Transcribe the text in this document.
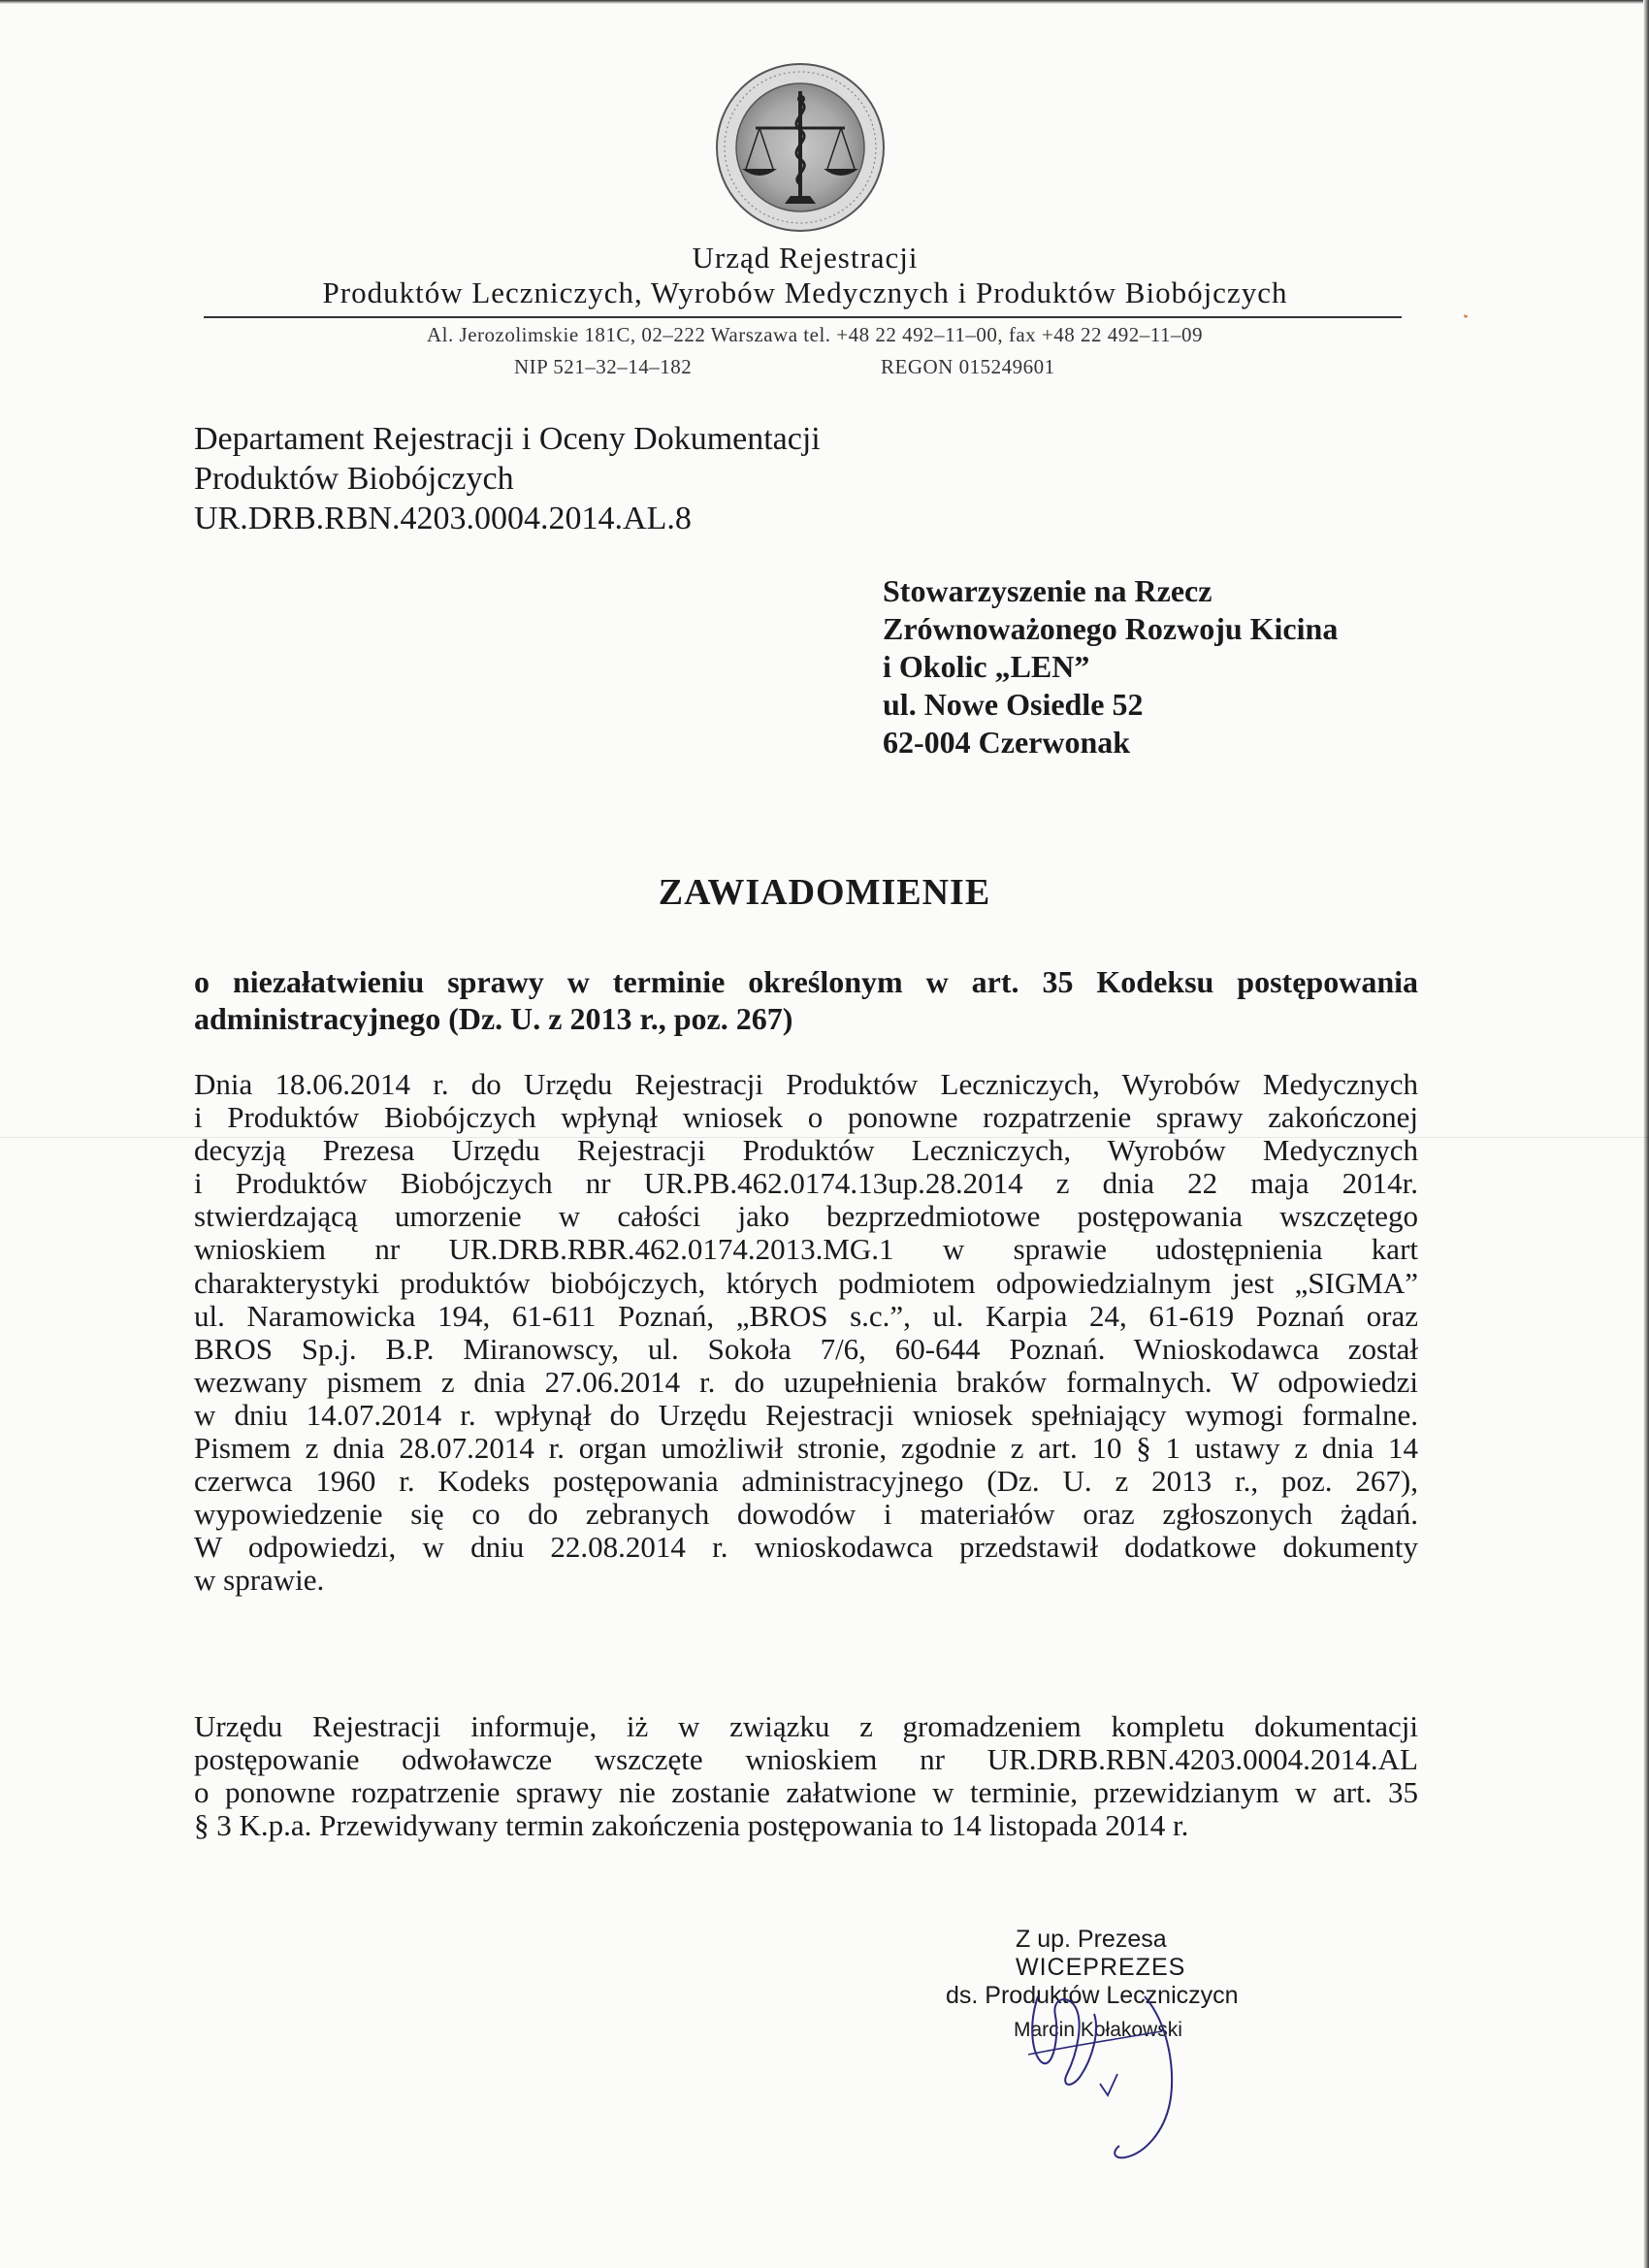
Urząd Rejestracji
Produktów Leczniczych, Wyrobów Medycznych i Produktów Biobójczych
Al. Jerozolimskie 181C, 02–222 Warszawa tel. +48 22 492–11–00, fax +48 22 492–11–09
NIP 521–32–14–182	REGON 015249601
Departament Rejestracji i Oceny Dokumentacji
Produktów Biobójczych
UR.DRB.RBN.4203.0004.2014.AL.8
Stowarzyszenie na Rzecz
Zrównoważonego Rozwoju Kicina
i Okolic „LEN”
ul. Nowe Osiedle 52
62-004 Czerwonak
ZAWIADOMIENIE
o niezałatwieniu sprawy w terminie określonym w art. 35 Kodeksu postępowania
administracyjnego (Dz. U. z 2013 r., poz. 267)
Dnia 18.06.2014 r. do Urzędu Rejestracji Produktów Leczniczych, Wyrobów Medycznych
i Produktów Biobójczych wpłynął wniosek o ponowne rozpatrzenie sprawy zakończonej
decyzją Prezesa Urzędu Rejestracji Produktów Leczniczych, Wyrobów Medycznych
i Produktów Biobójczych nr UR.PB.462.0174.13up.28.2014 z dnia 22 maja 2014r.
stwierdzającą umorzenie w całości jako bezprzedmiotowe postępowania wszczętego
wnioskiem nr UR.DRB.RBR.462.0174.2013.MG.1 w sprawie udostępnienia kart
charakterystyki produktów biobójczych, których podmiotem odpowiedzialnym jest „SIGMA”
ul. Naramowicka 194, 61-611 Poznań, „BROS s.c.”, ul. Karpia 24, 61-619 Poznań oraz
BROS Sp.j. B.P. Miranowscy, ul. Sokoła 7/6, 60-644 Poznań. Wnioskodawca został
wezwany pismem z dnia 27.06.2014 r. do uzupełnienia braków formalnych. W odpowiedzi
w dniu 14.07.2014 r. wpłynął do Urzędu Rejestracji wniosek spełniający wymogi formalne.
Pismem z dnia 28.07.2014 r. organ umożliwił stronie, zgodnie z art. 10 § 1 ustawy z dnia 14
czerwca 1960 r. Kodeks postępowania administracyjnego (Dz. U. z 2013 r., poz. 267),
wypowiedzenie się co do zebranych dowodów i materiałów oraz zgłoszonych żądań.
W odpowiedzi, w dniu 22.08.2014 r. wnioskodawca przedstawił dodatkowe dokumenty
w sprawie.
Urzędu Rejestracji informuje, iż w związku z gromadzeniem kompletu dokumentacji
postępowanie odwoławcze wszczęte wnioskiem nr UR.DRB.RBN.4203.0004.2014.AL
o ponowne rozpatrzenie sprawy nie zostanie załatwione w terminie, przewidzianym w art. 35
§ 3 K.p.a. Przewidywany termin zakończenia postępowania to 14 listopada 2014 r.
Z up. Prezesa
WICEPREZES
ds. Produktów Leczniczycn
Marcin Kołakowski
